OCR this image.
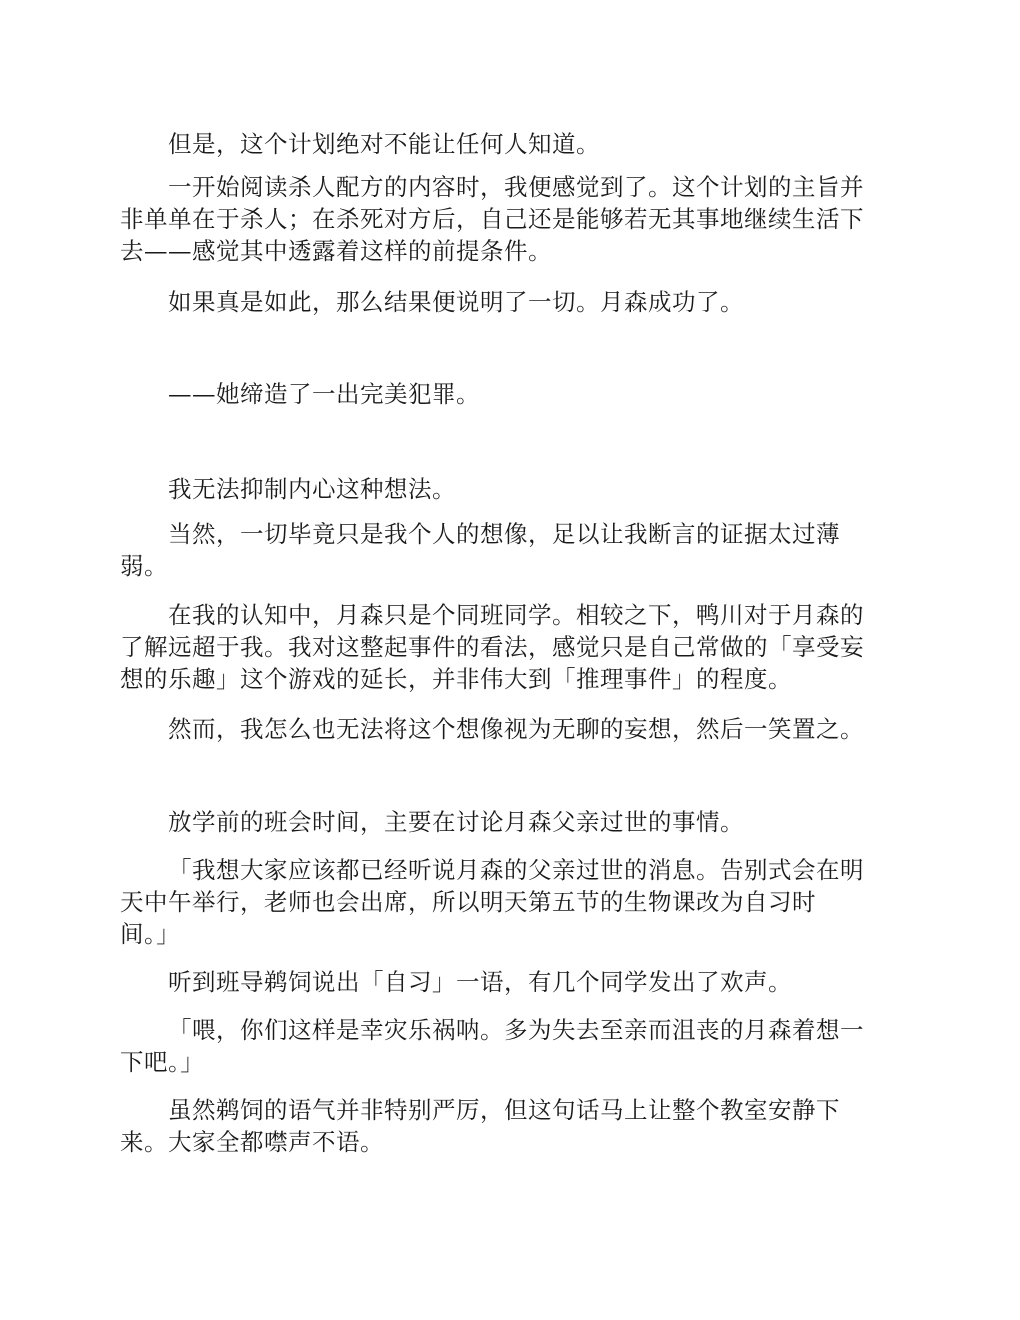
但是，这个计划绝对不能让任何人知道。

一开始阅读杀人配方的内容时，我便感觉到了。这个计划的主旨并
非单单在于杀人；在杀死对方后，自己还是能够若无其事地继续生活下
去——感觉其中透露着这样的前提条件。

如果真是如此，那么结果便说明了一切。月森成功了。

——她缔造了一出完美犯罪。

我无法抑制内心这种想法。

当然，一切毕竟只是我个人的想像，足以让我断言的证据太过薄
弱。

在我的认知中，月森只是个同班同学。相较之下，鸭川对于月森的
了解远超于我。我对这整起事件的看法，感觉只是自己常做的「享受妄
想的乐趣」这个游戏的延长，并非伟大到「推理事件」的程度。

然而，我怎么也无法将这个想像视为无聊的妄想，然后一笑置之。

放学前的班会时间，主要在讨论月森父亲过世的事情。

「我想大家应该都已经听说月森的父亲过世的消息。告别式会在明
天中午举行，老师也会出席，所以明天第五节的生物课改为自习时
间。」

听到班导鹈饲说出「自习」一语，有几个同学发出了欢声。

「喂，你们这样是幸灾乐祸呐。多为失去至亲而沮丧的月森着想一
下吧。」

虽然鹈饲的语气并非特别严厉，但这句话马上让整个教室安静下
来。大家全都噤声不语。
